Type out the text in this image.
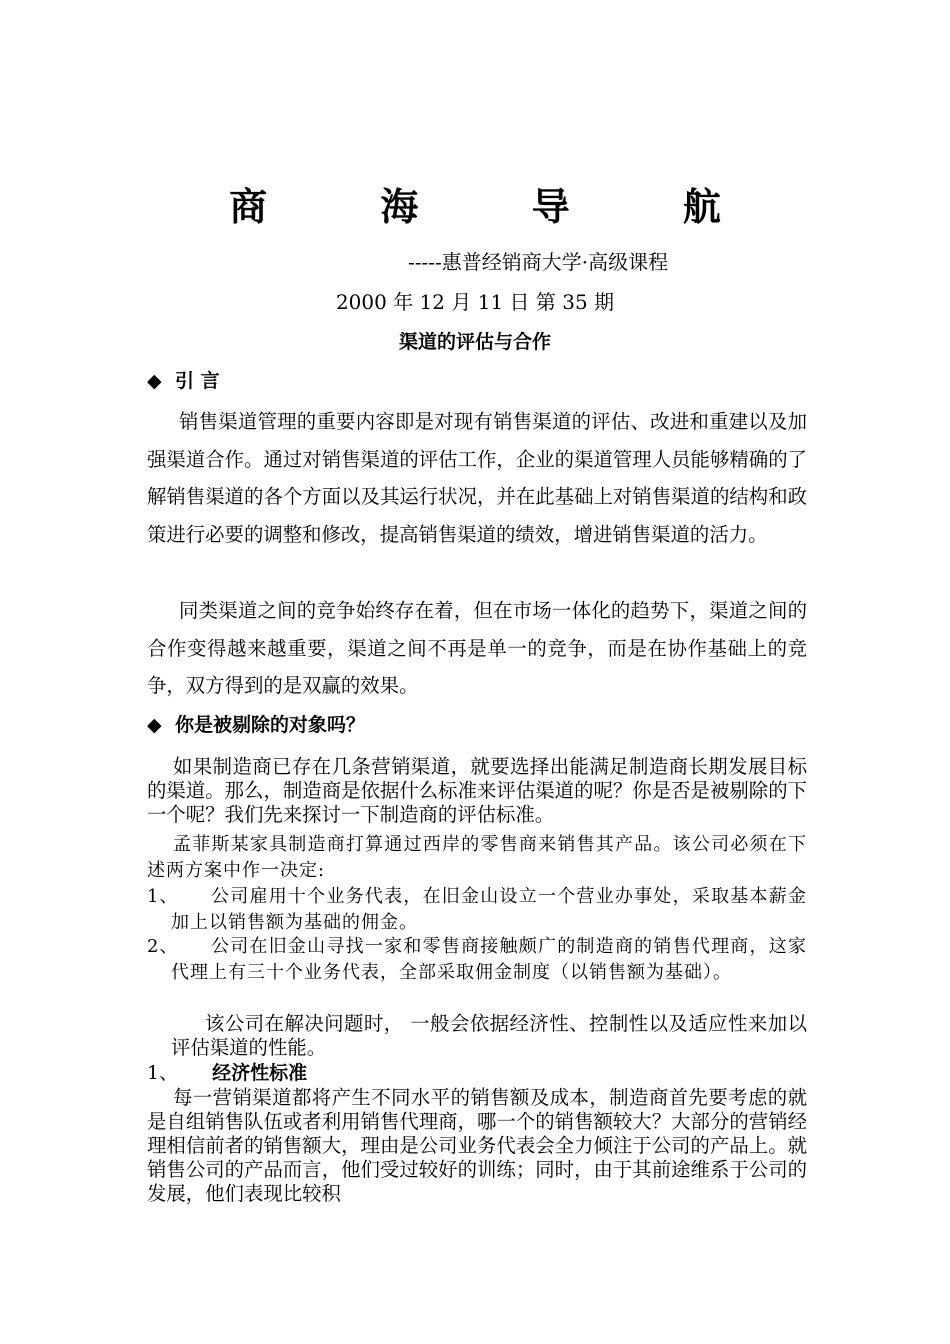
商 海 导 航
-----惠普经销商大学·高级课程
2000 年 12 月 11 日 第 35 期
渠道的评估与合作
◆ 引 言

销售渠道管理的重要内容即是对现有销售渠道的评估、改进和重建以及加强渠道合作。通过对销售渠道的评估工作，企业的渠道管理人员能够精确的了解销售渠道的各个方面以及其运行状况，并在此基础上对销售渠道的结构和政策进行必要的调整和修改，提高销售渠道的绩效，增进销售渠道的活力。

同类渠道之间的竞争始终存在着，但在市场一体化的趋势下，渠道之间的合作变得越来越重要，渠道之间不再是单一的竞争，而是在协作基础上的竞争，双方得到的是双赢的效果。

◆ 你是被剔除的对象吗？

如果制造商已存在几条营销渠道，就要选择出能满足制造商长期发展目标的渠道。那么，制造商是依据什么标准来评估渠道的呢？你是否是被剔除的下一个呢？我们先来探讨一下制造商的评估标准。

孟菲斯某家具制造商打算通过西岸的零售商来销售其产品。该公司必须在下述两方案中作一决定:

1、	公司雇用十个业务代表，在旧金山设立一个营业办事处，采取基本薪金加上以销售额为基础的佣金。
2、	公司在旧金山寻找一家和零售商接触颇广的制造商的销售代理商，这家代理上有三十个业务代表，全部采取佣金制度（以销售额为基础）。

该公司在解决问题时， 一般会依据经济性、控制性以及适应性来加以评估渠道的性能。

1、 经济性标准

每一营销渠道都将产生不同水平的销售额及成本，制造商首先要考虑的就是自组销售队伍或者利用销售代理商，哪一个的销售额较大？大部分的营销经理相信前者的销售额大，理由是公司业务代表会全力倾注于公司的产品上。就销售公司的产品而言，他们受过较好的训练；同时，由于其前途维系于公司的发展，他们表现比较积
